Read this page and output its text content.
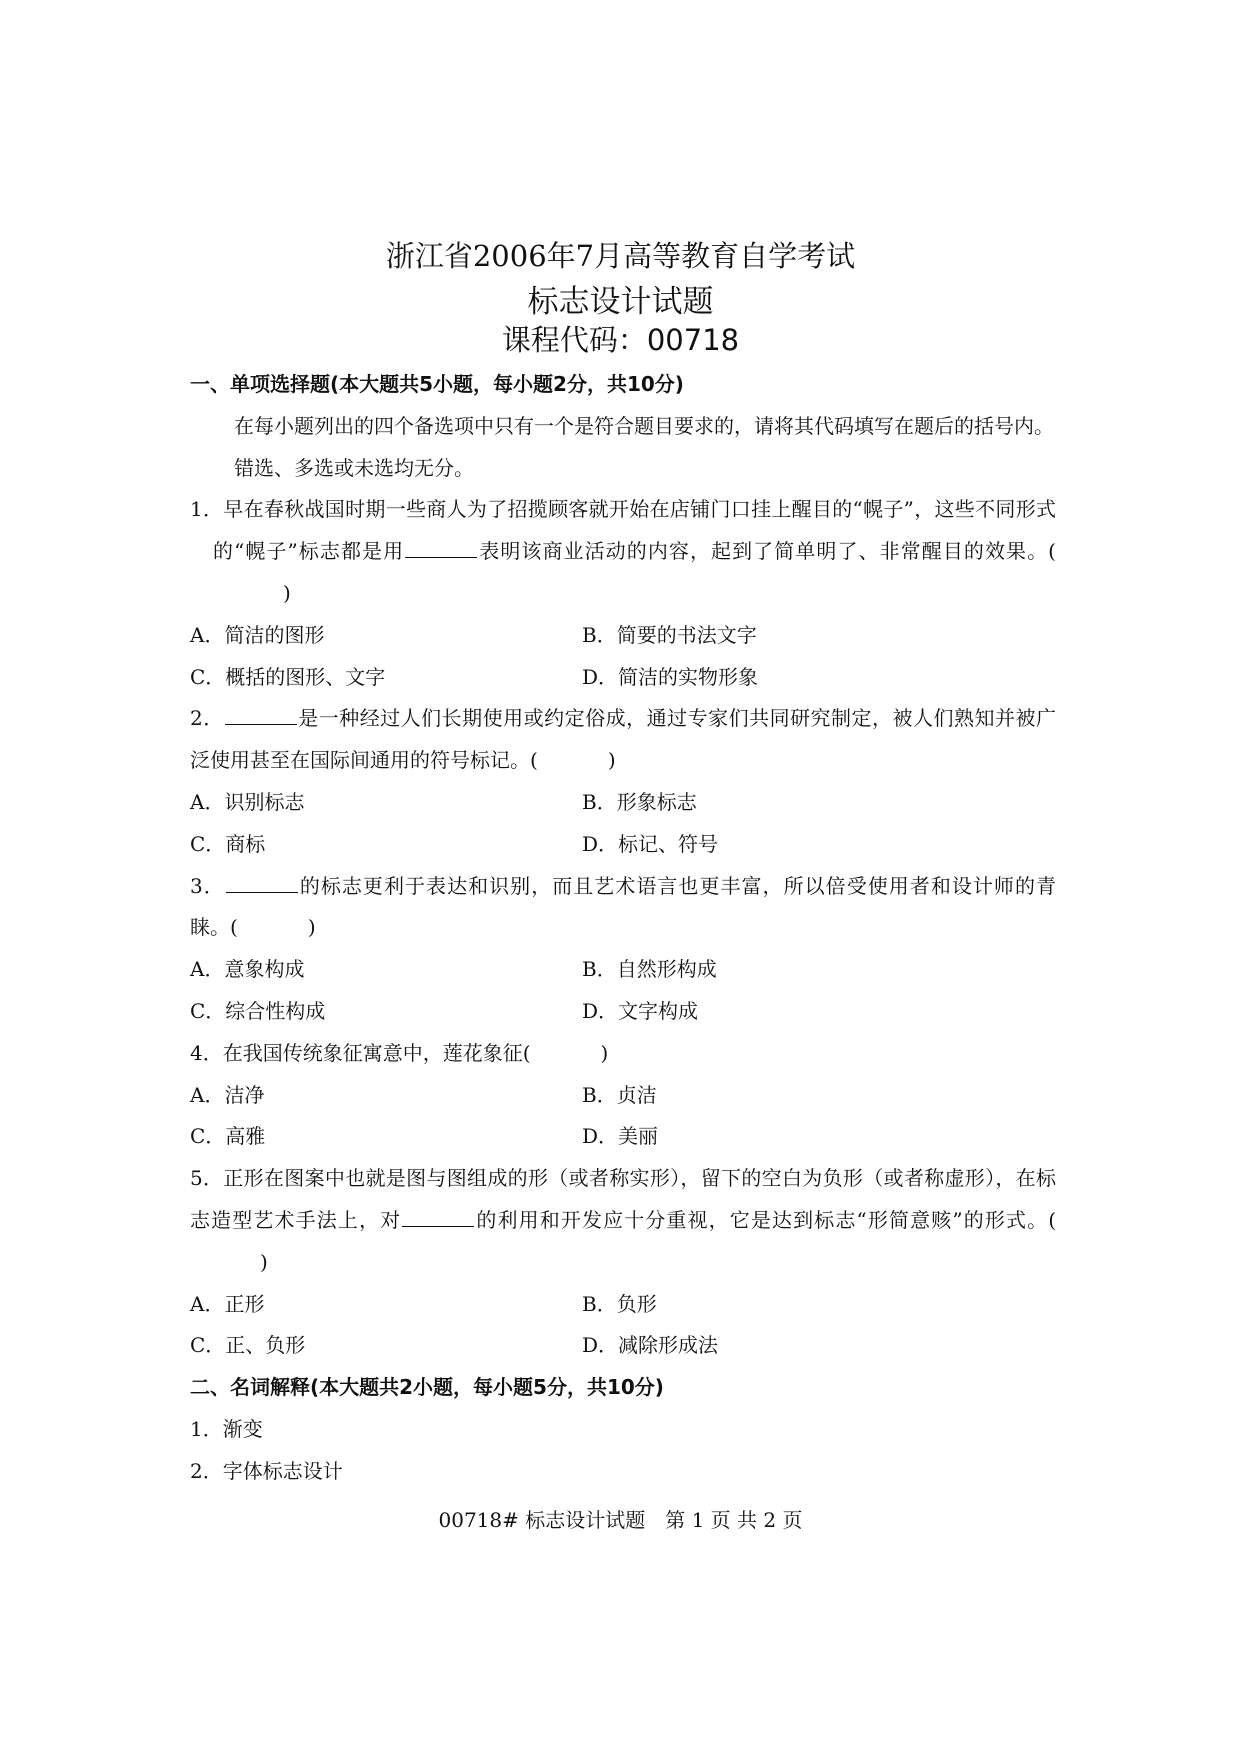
浙江省2006年7月高等教育自学考试
标志设计试题
课程代码：00718

一、单项选择题(本大题共5小题，每小题2分，共10分)

在每小题列出的四个备选项中只有一个是符合题目要求的，请将其代码填写在题后的括号内。错选、多选或未选均无分。

1．早在春秋战国时期一些商人为了招揽顾客就开始在店铺门口挂上醒目的“幌子”，这些不同形式的“幌子”标志都是用	表明该商业活动的内容，起到了简单明了、非常醒目的效果。()

A．简洁的图形	B．简要的书法文字
C．概括的图形、文字	D．简洁的实物形象

2．	是一种经过人们长期使用或约定俗成，通过专家们共同研究制定，被人们熟知并被广泛使用甚至在国际间通用的符号标记。(	)

A．识别标志	B．形象标志
C．商标	D．标记、符号

3．	的标志更利于表达和识别，而且艺术语言也更丰富，所以倍受使用者和设计师的青睐。(	)

A．意象构成	B．自然形构成
C．综合性构成	D．文字构成

4．在我国传统象征寓意中，莲花象征(	)

A．洁净	B．贞洁
C．高雅	D．美丽

5．正形在图案中也就是图与图组成的形（或者称实形），留下的空白为负形（或者称虚形），在标志造型艺术手法上，对	的利用和开发应十分重视，它是达到标志“形简意赅”的形式。()

A．正形	B．负形
C．正、负形	D．减除形成法

二、名词解释(本大题共2小题，每小题5分，共10分)

1．渐变

2．字体标志设计

00718# 标志设计试题　第 1 页 共 2 页
